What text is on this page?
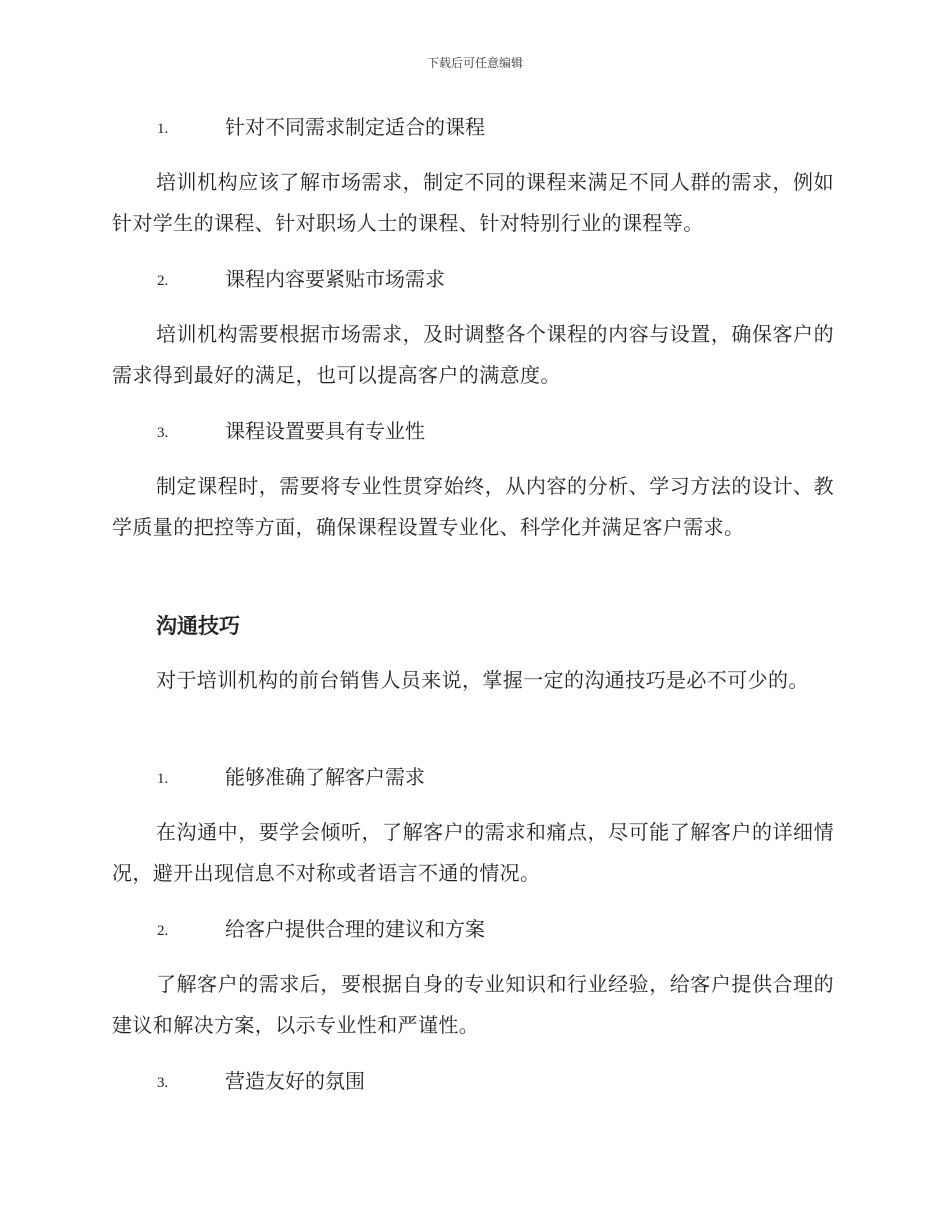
下载后可任意编辑
1.	针对不同需求制定适合的课程
培训机构应该了解市场需求，制定不同的课程来满足不同人群的需求，例如针对学生的课程、针对职场人士的课程、针对特别行业的课程等。
2.	课程内容要紧贴市场需求
培训机构需要根据市场需求，及时调整各个课程的内容与设置，确保客户的需求得到最好的满足，也可以提高客户的满意度。
3.	课程设置要具有专业性
制定课程时，需要将专业性贯穿始终，从内容的分析、学习方法的设计、教学质量的把控等方面，确保课程设置专业化、科学化并满足客户需求。
沟通技巧
对于培训机构的前台销售人员来说，掌握一定的沟通技巧是必不可少的。
1.	能够准确了解客户需求
在沟通中，要学会倾听，了解客户的需求和痛点，尽可能了解客户的详细情况，避开出现信息不对称或者语言不通的情况。
2.	给客户提供合理的建议和方案
了解客户的需求后，要根据自身的专业知识和行业经验，给客户提供合理的建议和解决方案，以示专业性和严谨性。
3.	营造友好的氛围
